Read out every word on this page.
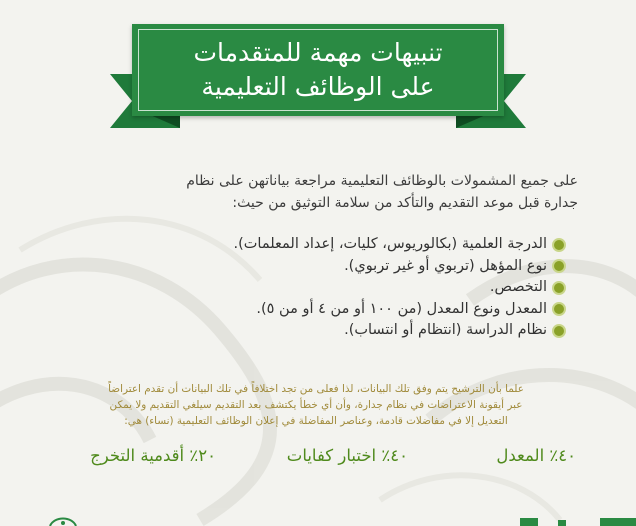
تنبيهات مهمة للمتقدمات
على الوظائف التعليمية
على جميع المشمولات بالوظائف التعليمية مراجعة بياناتهن على نظام
جدارة قبل موعد التقديم والتأكد من سلامة التوثيق من حيث:
الدرجة العلمية (بكالوريوس، كليات، إعداد المعلمات).
نوع المؤهل (تربوي أو غير تربوي).
التخصص.
المعدل ونوع المعدل (من ١٠٠ أو من ٤ أو من ٥).
نظام الدراسة (انتظام أو انتساب).
علما بأن الترشيح يتم وفق تلك البيانات، لذا فعلى من تجد اختلافاً في تلك البيانات أن تقدم اعتراضاً
عبر أيقونة الاعتراضات في نظام جدارة، وأن أي خطأ يكتشف بعد التقديم سيلغي التقديم ولا يمكن
التعديل إلا في مفاضلات قادمة، وعناصر المفاضلة في إعلان الوظائف التعليمية (نساء) هي:
٤٠٪ المعدل
٤٠٪ اختبار كفايات
٢٠٪ أقدمية التخرج
